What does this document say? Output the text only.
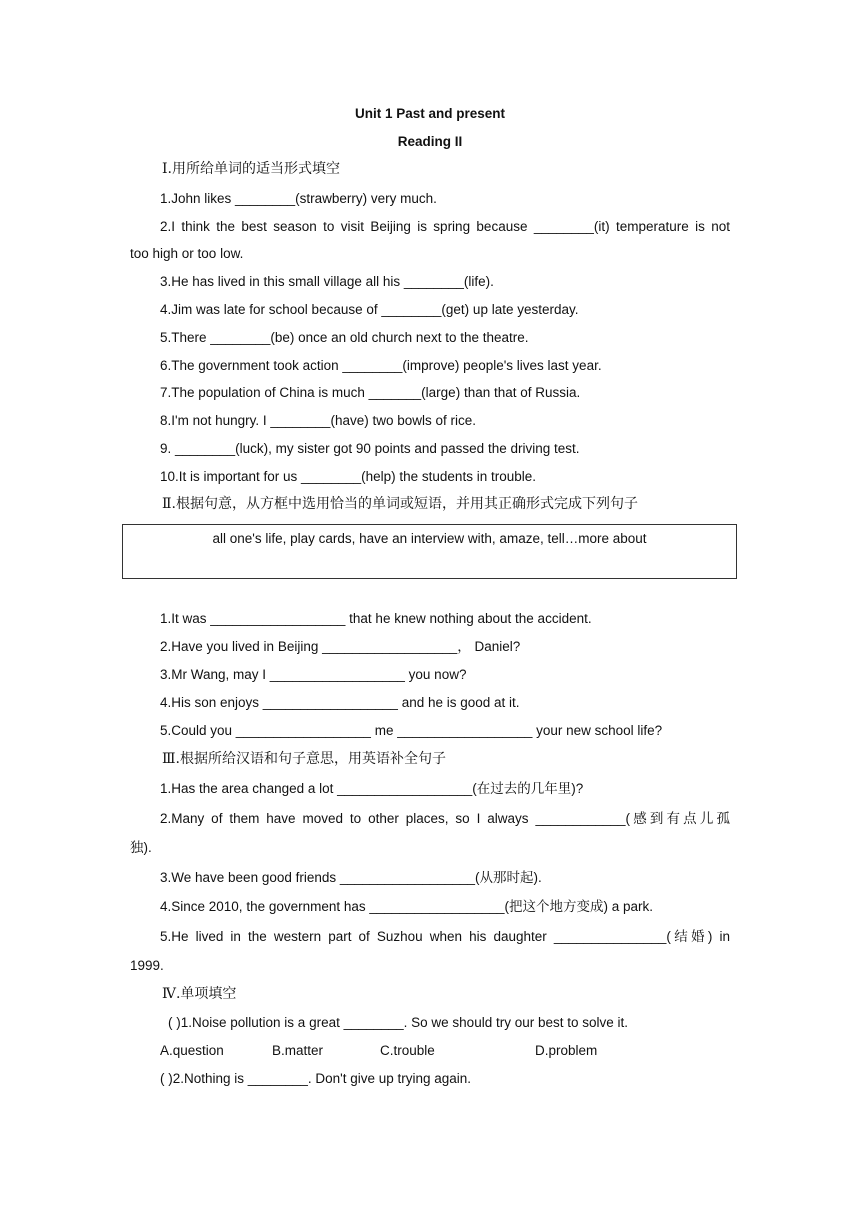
Unit 1 Past and present
Reading II
Ⅰ.用所给单词的适当形式填空
1.John likes ________(strawberry) very much.
2.I think the best season to visit Beijing is spring because ________(it) temperature is not
too high or too low.
3.He has lived in this small village all his ________(life).
4.Jim was late for school because of ________(get) up late yesterday.
5.There ________(be) once an old church next to the theatre.
6.The government took action ________(improve) people's lives last year.
7.The population of China is much _______(large) than that of Russia.
8.I'm not hungry. I ________(have) two bowls of rice.
9. ________(luck), my sister got 90 points and passed the driving test.
10.It is important for us ________(help) the students in trouble.
Ⅱ.根据句意，从方框中选用恰当的单词或短语，并用其正确形式完成下列句子
all one's life, play cards, have an interview with, amaze, tell…more about
1.It was __________________ that he knew nothing about the accident.
2.Have you lived in Beijing __________________， Daniel?
3.Mr Wang, may I __________________ you now?
4.His son enjoys __________________ and he is good at it.
5.Could you __________________ me __________________ your new school life?
Ⅲ.根据所给汉语和句子意思，用英语补全句子
1.Has the area changed a lot __________________(在过去的几年里)?
2.Many of them have moved to other places, so I always ____________(感到有点儿孤
独).
3.We have been good friends __________________(从那时起).
4.Since 2010, the government has __________________(把这个地方变成) a park.
5.He lived in the western part of Suzhou when his daughter _______________(结婚) in
1999.
Ⅳ.单项填空
( )1.Noise pollution is a great ________. So we should try our best to solve it.
A.question	B.matter	C.trouble	D.problem
( )2.Nothing is ________. Don't give up trying again.
